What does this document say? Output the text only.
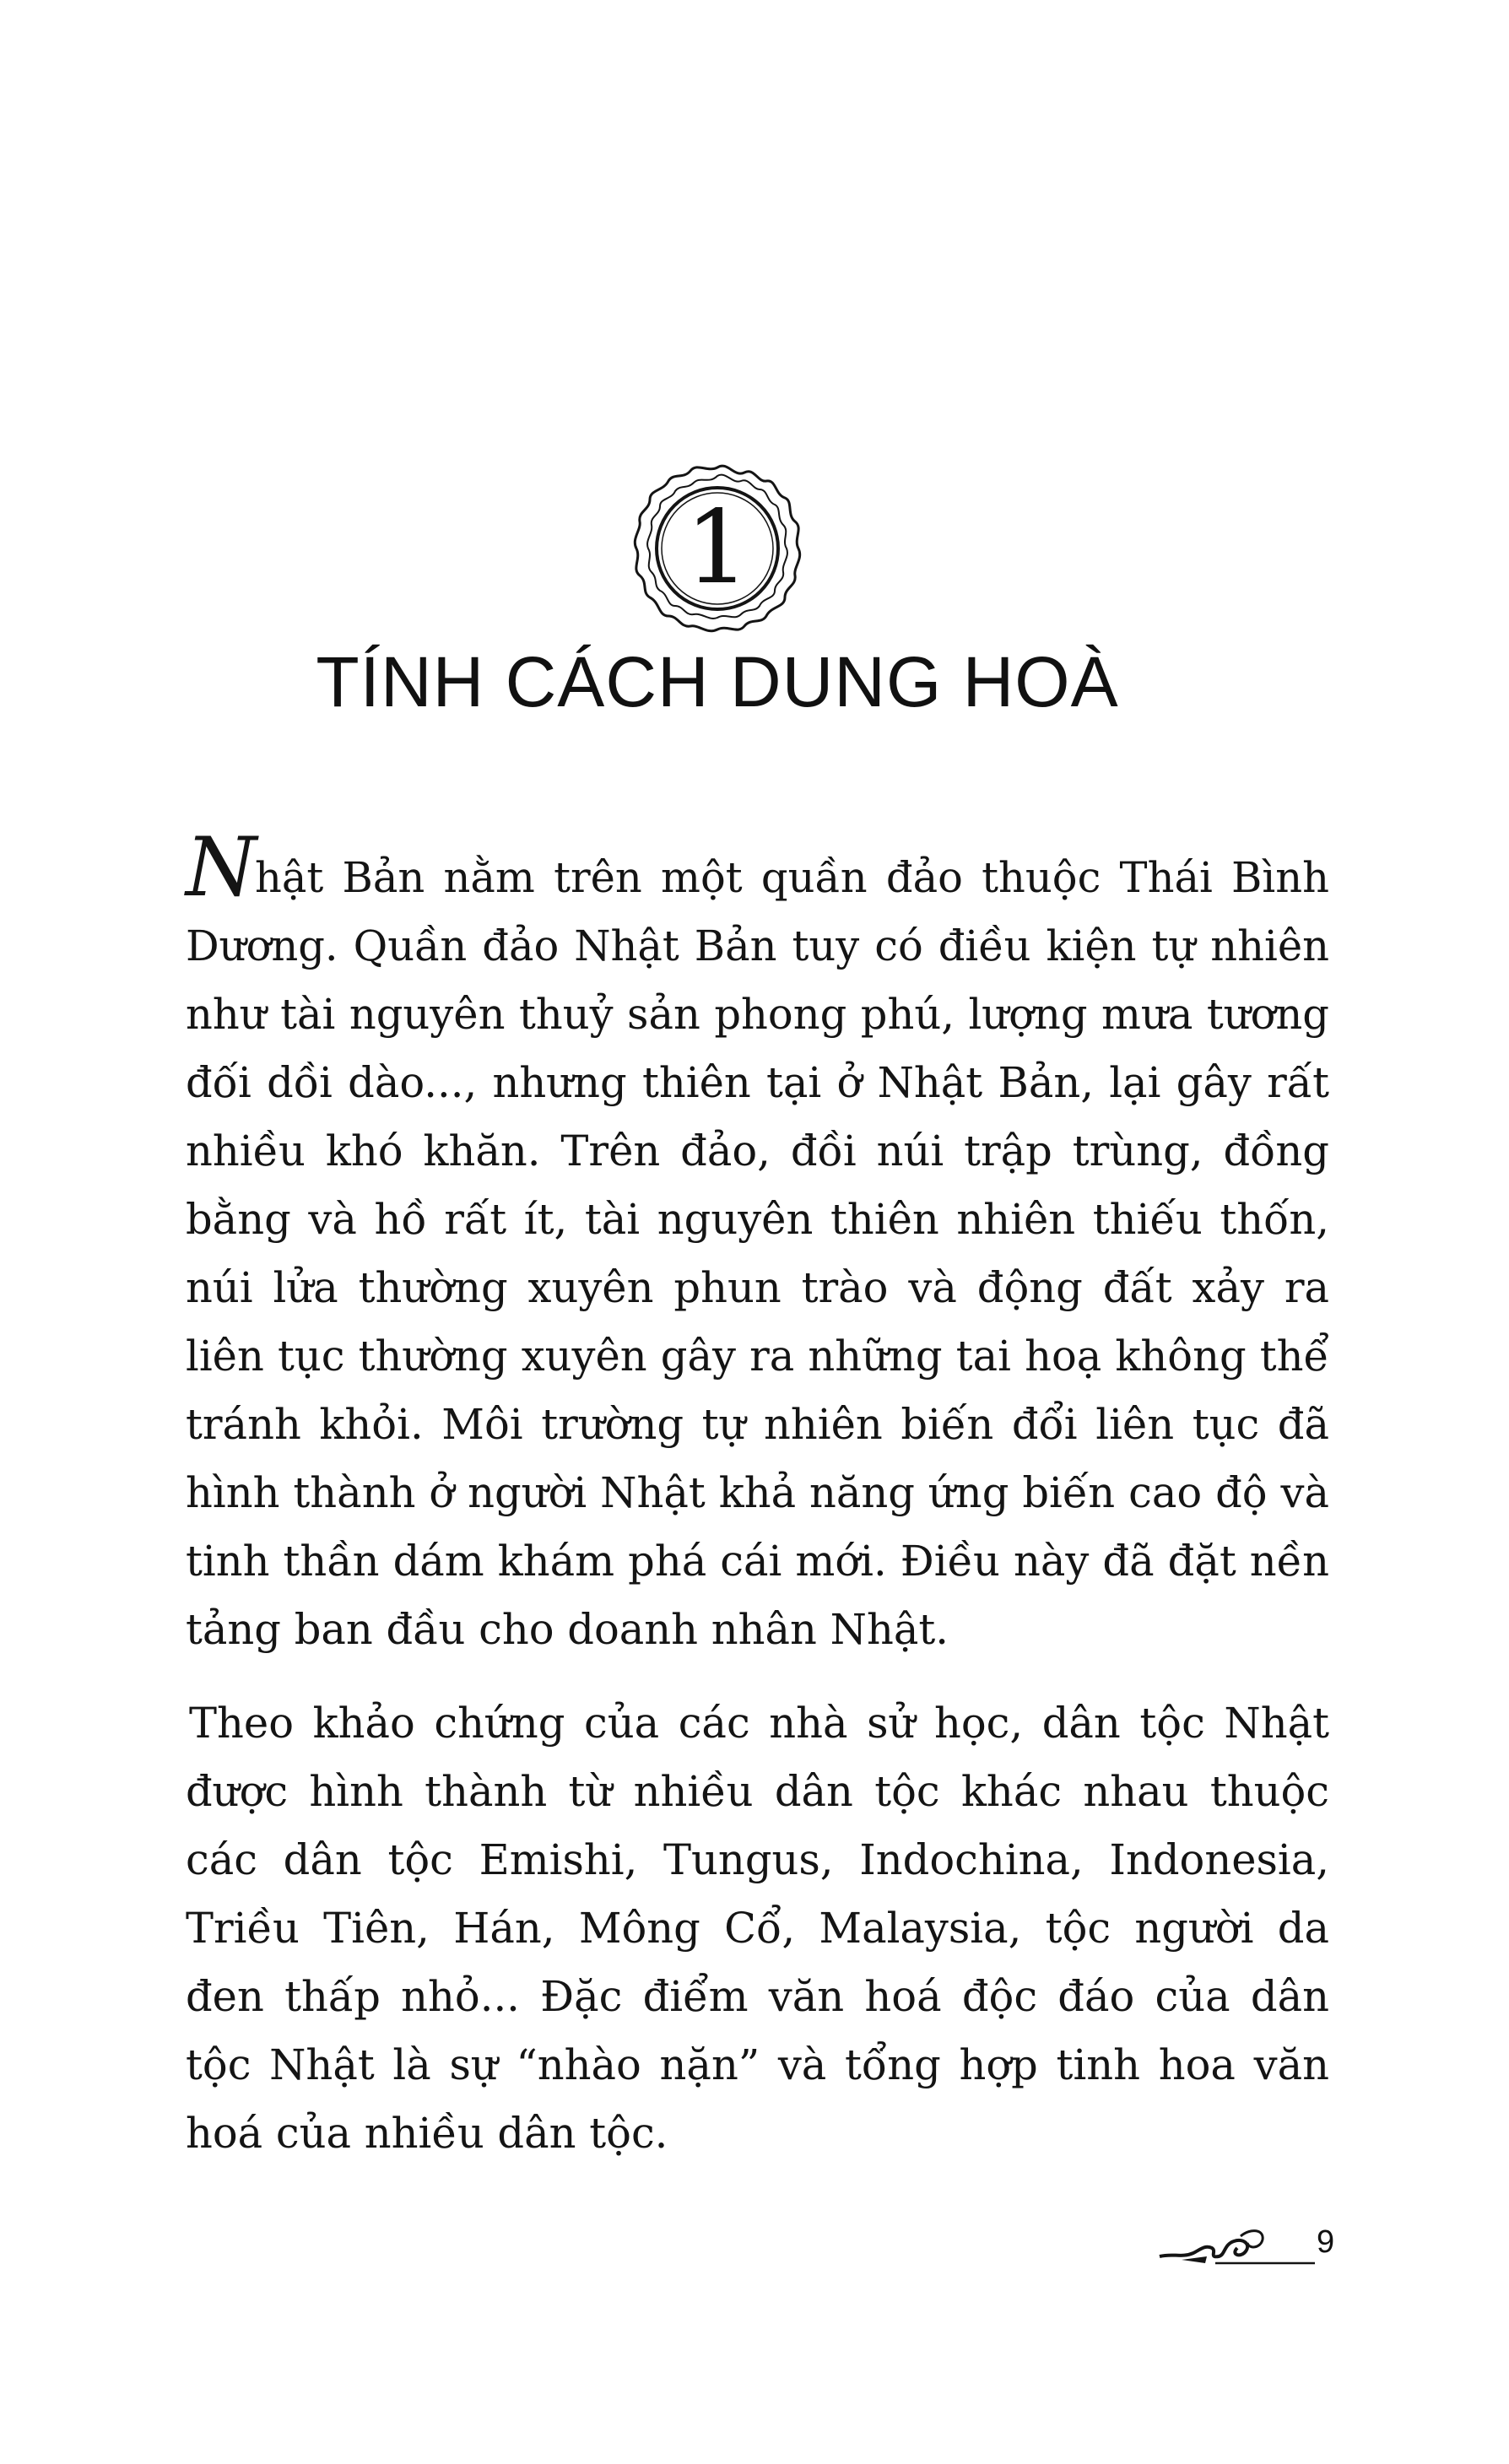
1
TÍNH CÁCH DUNG HOÀ

Nhật Bản nằm trên một quần đảo thuộc Thái Bình Dương. Quần đảo Nhật Bản tuy có điều kiện tự nhiên như tài nguyên thuỷ sản phong phú, lượng mưa tương đối dồi dào..., nhưng thiên tại ở Nhật Bản, lại gây rất nhiều khó khăn. Trên đảo, đồi núi trập trùng, đồng bằng và hồ rất ít, tài nguyên thiên nhiên thiếu thốn, núi lửa thường xuyên phun trào và động đất xảy ra liên tục thường xuyên gây ra những tai hoạ không thể tránh khỏi. Môi trường tự nhiên biến đổi liên tục đã hình thành ở người Nhật khả năng ứng biến cao độ và tinh thần dám khám phá cái mới. Điều này đã đặt nền tảng ban đầu cho doanh nhân Nhật.

Theo khảo chứng của các nhà sử học, dân tộc Nhật được hình thành từ nhiều dân tộc khác nhau thuộc các dân tộc Emishi, Tungus, Indochina, Indonesia, Triều Tiên, Hán, Mông Cổ, Malaysia, tộc người da đen thấp nhỏ... Đặc điểm văn hoá độc đáo của dân tộc Nhật là sự “nhào nặn” và tổng hợp tinh hoa văn hoá của nhiều dân tộc.

9
